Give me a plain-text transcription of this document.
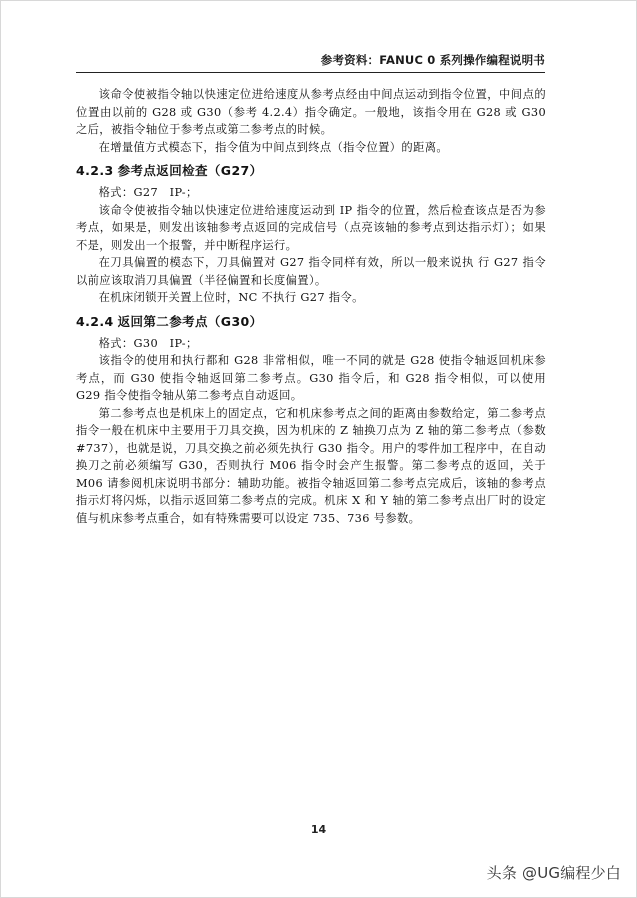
参考资料：FANUC 0 系列操作编程说明书

该命令使被指令轴以快速定位进给速度从参考点经由中间点运动到指令位置，中间点的位置由以前的 G28 或 G30（参考 4.2.4）指令确定。一般地，该指令用在 G28 或 G30 之后，被指令轴位于参考点或第二参考点的时候。

在增量值方式模态下，指令值为中间点到终点（指令位置）的距离。

4.2.3 参考点返回检查（G27）

格式：G27　IP-；

该命令使被指令轴以快速定位进给速度运动到 IP 指令的位置，然后检查该点是否为参考点，如果是，则发出该轴参考点返回的完成信号（点亮该轴的参考点到达指示灯）；如果不是，则发出一个报警，并中断程序运行。

在刀具偏置的模态下，刀具偏置对 G27 指令同样有效，所以一般来说执 行 G27 指令以前应该取消刀具偏置（半径偏置和长度偏置）。

在机床闭锁开关置上位时，NC 不执行 G27 指令。

4.2.4 返回第二参考点（G30）

格式：G30　IP-；

该指令的使用和执行都和 G28 非常相似，唯一不同的就是 G28 使指令轴返回机床参考点，而 G30 使指令轴返回第二参考点。G30 指令后，和 G28 指令相似，可以使用 G29 指令使指令轴从第二参考点自动返回。

第二参考点也是机床上的固定点，它和机床参考点之间的距离由参数给定，第二参考点指令一般在机床中主要用于刀具交换，因为机床的 Z 轴换刀点为 Z 轴的第二参考点（参数#737），也就是说，刀具交换之前必须先执行 G30 指令。用户的零件加工程序中，在自动换刀之前必须编写 G30，否则执行 M06 指令时会产生报警。第二参考点的返回，关于 M06 请参阅机床说明书部分：辅助功能。被指令轴返回第二参考点完成后，该轴的参考点指示灯将闪烁，以指示返回第二参考点的完成。机床 X 和 Y 轴的第二参考点出厂时的设定值与机床参考点重合，如有特殊需要可以设定 735、736 号参数。

14
头条 @UG编程少白
